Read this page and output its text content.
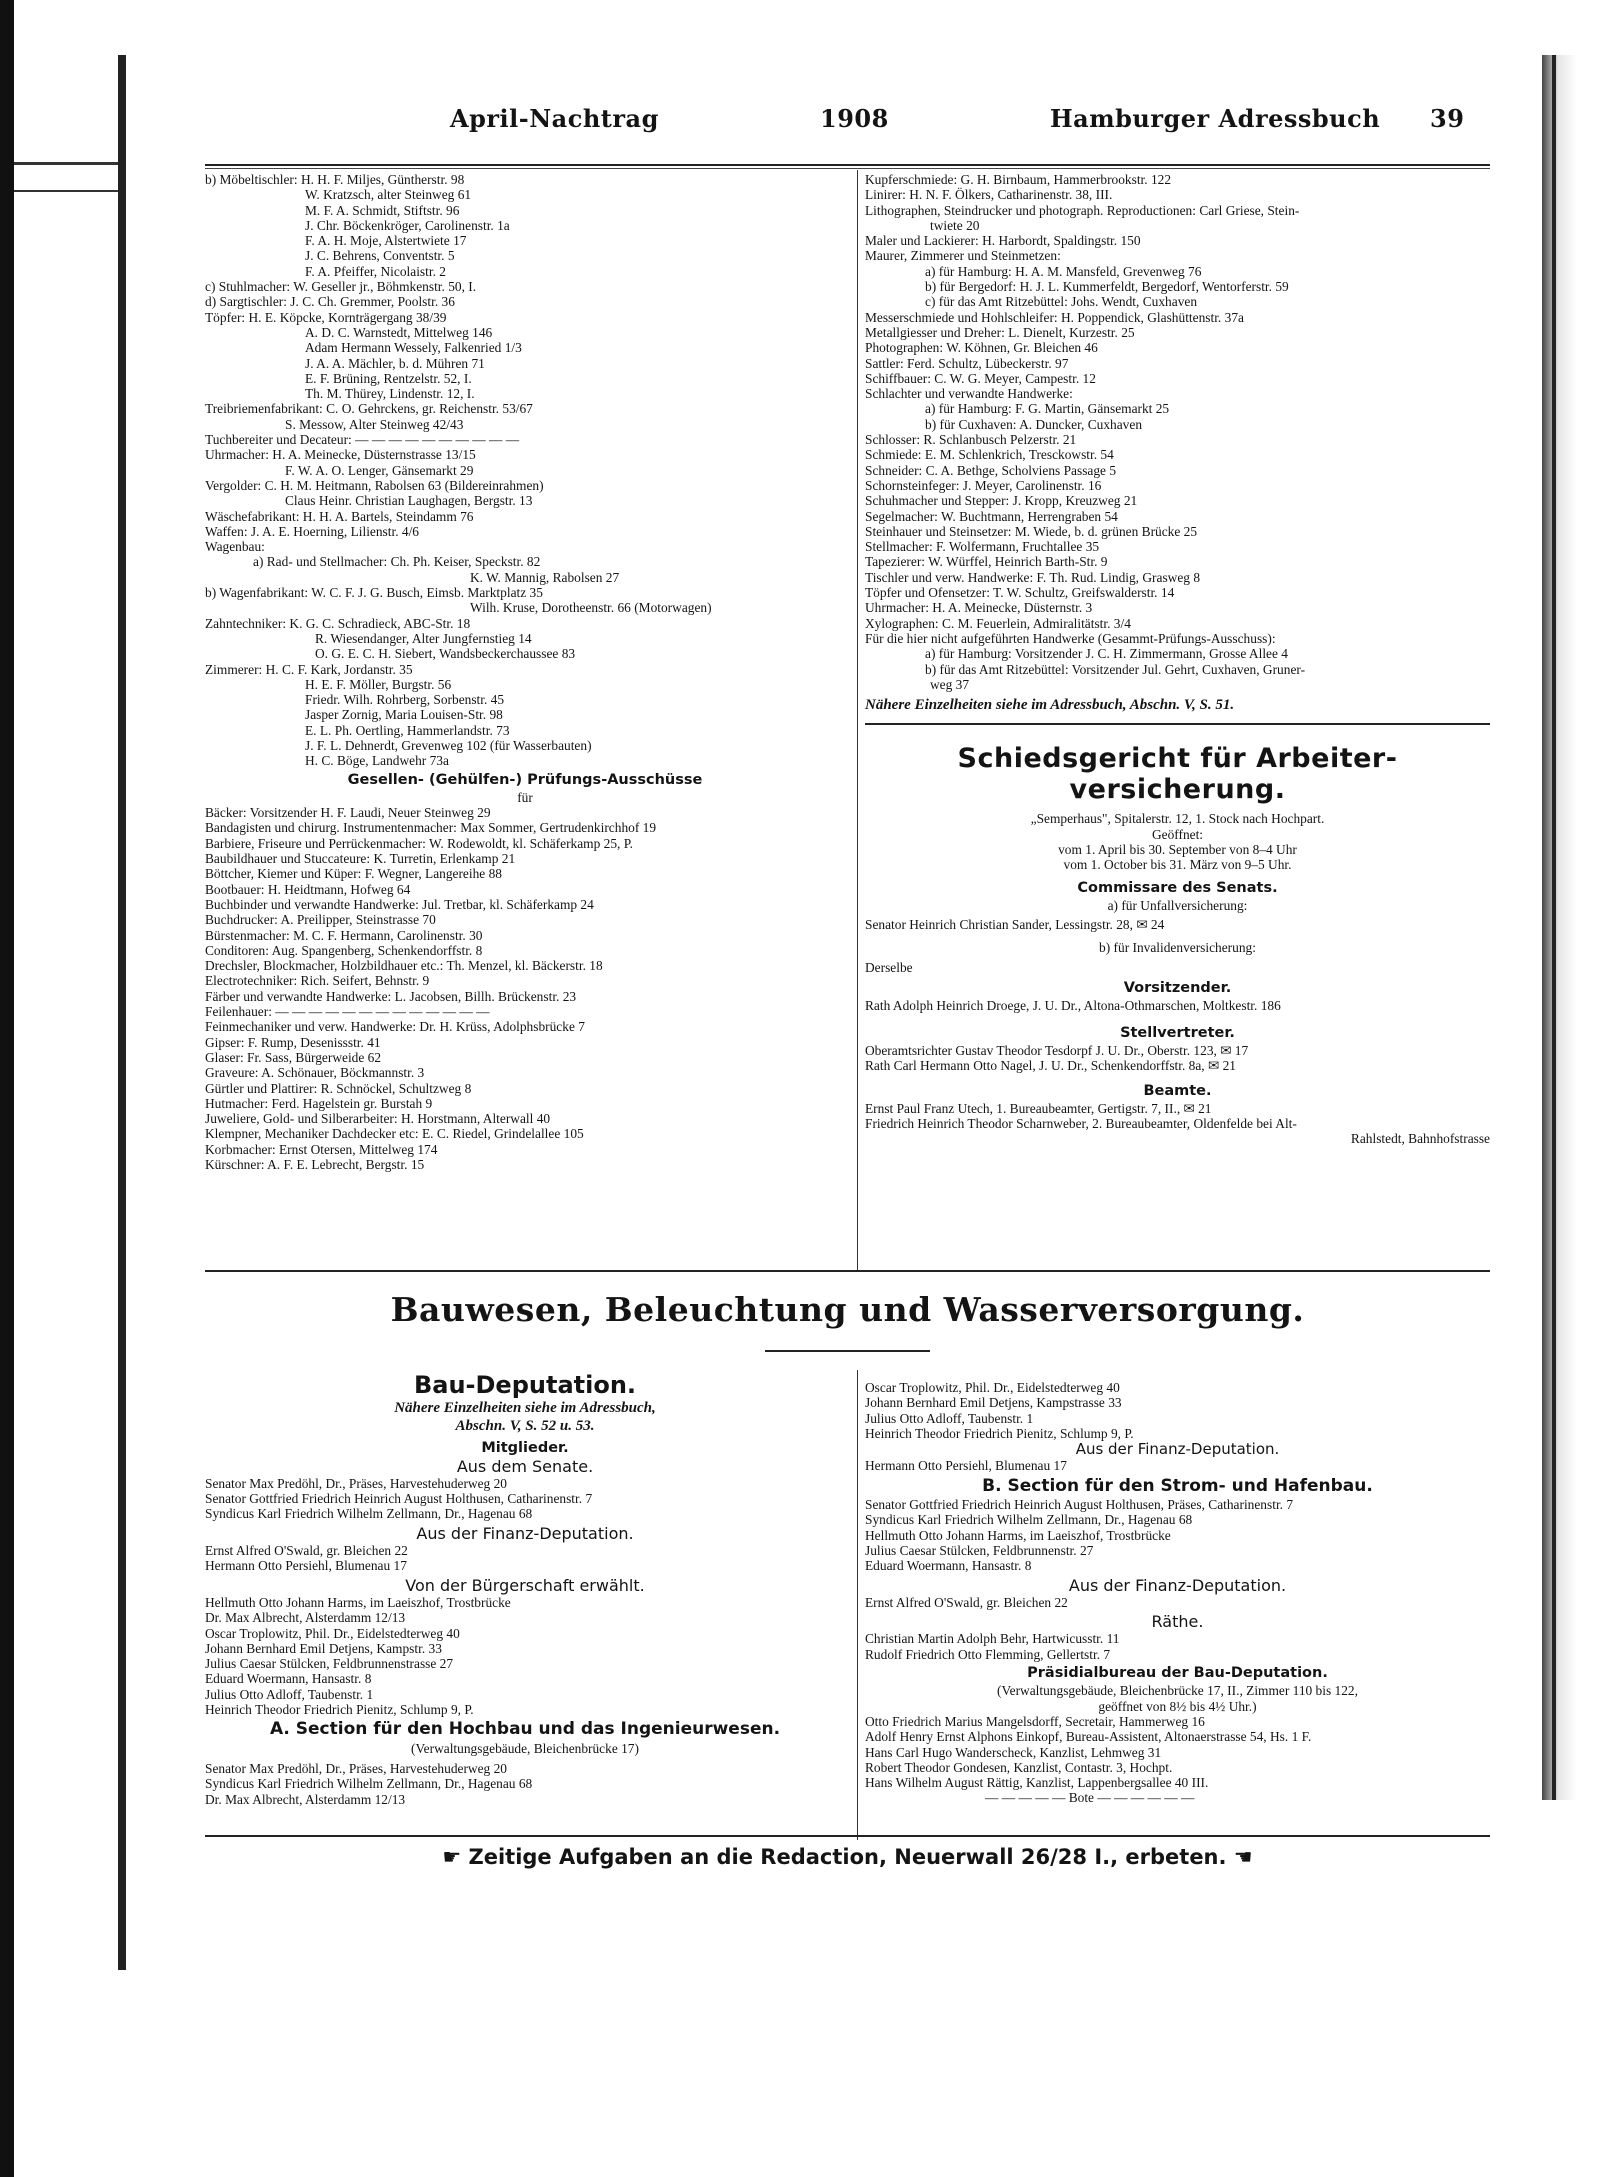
April-Nachtrag	1908	Hamburger Adressbuch 39
b) Möbeltischler: H. H. F. Miljes, Güntherstr. 98
W. Kratzsch, alter Steinweg 61
M. F. A. Schmidt, Stiftstr. 96
J. Chr. Böckenkröger, Carolinenstr. 1a
F. A. H. Moje, Alstertwiete 17
J. C. Behrens, Conventstr. 5
F. A. Pfeiffer, Nicolaistr. 2
c) Stuhlmacher: W. Geseller jr., Böhmkenstr. 50, I.
d) Sargtischler: J. C. Ch. Gremmer, Poolstr. 36
Töpfer: H. E. Köpcke, Kornträgergang 38/39
A. D. C. Warnstedt, Mittelweg 146
Adam Hermann Wessely, Falkenried 1/3
J. A. A. Mächler, b. d. Mühren 71
E. F. Brüning, Rentzelstr. 52, I.
Th. M. Thürey, Lindenstr. 12, I.
Treibriemenfabrikant: C. O. Gehrckens, gr. Reichenstr. 53/67
S. Messow, Alter Steinweg 42/43
Tuchbereiter und Decateur: — — — — — — — — — —
Uhrmacher: H. A. Meinecke, Düsternstrasse 13/15
F. W. A. O. Lenger, Gänsemarkt 29
Vergolder: C. H. M. Heitmann, Rabolsen 63 (Bildereinrahmen)
Claus Heinr. Christian Laughagen, Bergstr. 13
Wäschefabrikant: H. H. A. Bartels, Steindamm 76
Waffen: J. A. E. Hoerning, Lilienstr. 4/6
Wagenbau:
a) Rad- und Stellmacher: Ch. Ph. Keiser, Speckstr. 82
K. W. Mannig, Rabolsen 27
b) Wagenfabrikant: W. C. F. J. G. Busch, Eimsb. Marktplatz 35
Wilh. Kruse, Dorotheenstr. 66 (Motorwagen)
Zahntechniker: K. G. C. Schradieck, ABC-Str. 18
R. Wiesendanger, Alter Jungfernstieg 14
O. G. E. C. H. Siebert, Wandsbeckerchaussee 83
Zimmerer: H. C. F. Kark, Jordanstr. 35
H. E. F. Möller, Burgstr. 56
Friedr. Wilh. Rohrberg, Sorbenstr. 45
Jasper Zornig, Maria Louisen-Str. 98
E. L. Ph. Oertling, Hammerlandstr. 73
J. F. L. Dehnerdt, Grevenweg 102 (für Wasserbauten)
H. C. Böge, Landwehr 73a
Gesellen- (Gehülfen-) Prüfungs-Ausschüsse
für
Bäcker: Vorsitzender H. F. Laudi, Neuer Steinweg 29
Bandagisten und chirurg. Instrumentenmacher: Max Sommer, Gertrudenkirchhof 19
Barbiere, Friseure und Perrückenmacher: W. Rodewoldt, kl. Schäferkamp 25, P.
Baubildhauer und Stuccateure: K. Turretin, Erlenkamp 21
Böttcher, Kiemer und Küper: F. Wegner, Langereihe 88
Bootbauer: H. Heidtmann, Hofweg 64
Buchbinder und verwandte Handwerke: Jul. Tretbar, kl. Schäferkamp 24
Buchdrucker: A. Preilipper, Steinstrasse 70
Bürstenmacher: M. C. F. Hermann, Carolinenstr. 30
Conditoren: Aug. Spangenberg, Schenkendorffstr. 8
Drechsler, Blockmacher, Holzbildhauer etc.: Th. Menzel, kl. Bäckerstr. 18
Electrotechniker: Rich. Seifert, Behnstr. 9
Färber und verwandte Handwerke: L. Jacobsen, Billh. Brückenstr. 23
Feilenhauer: — — — — — — — — — — — — —
Feinmechaniker und verw. Handwerke: Dr. H. Krüss, Adolphsbrücke 7
Gipser: F. Rump, Desenissstr. 41
Glaser: Fr. Sass, Bürgerweide 62
Graveure: A. Schönauer, Böckmannstr. 3
Gürtler und Plattirer: R. Schnöckel, Schultzweg 8
Hutmacher: Ferd. Hagelstein gr. Burstah 9
Juweliere, Gold- und Silberarbeiter: H. Horstmann, Alterwall 40
Klempner, Mechaniker Dachdecker etc: E. C. Riedel, Grindelallee 105
Korbmacher: Ernst Otersen, Mittelweg 174
Kürschner: A. F. E. Lebrecht, Bergstr. 15
Kupferschmiede: G. H. Birnbaum, Hammerbrookstr. 122
Linirer: H. N. F. Ölkers, Catharinenstr. 38, III.
Lithographen, Steindrucker und photograph. Reproductionen: Carl Griese, Stein-
twiete 20
Maler und Lackierer: H. Harbordt, Spaldingstr. 150
Maurer, Zimmerer und Steinmetzen:
a) für Hamburg: H. A. M. Mansfeld, Grevenweg 76
b) für Bergedorf: H. J. L. Kummerfeldt, Bergedorf, Wentorferstr. 59
c) für das Amt Ritzebüttel: Johs. Wendt, Cuxhaven
Messerschmiede und Hohlschleifer: H. Poppendick, Glashüttenstr. 37a
Metallgiesser und Dreher: L. Dienelt, Kurzestr. 25
Photographen: W. Köhnen, Gr. Bleichen 46
Sattler: Ferd. Schultz, Lübeckerstr. 97
Schiffbauer: C. W. G. Meyer, Campestr. 12
Schlachter und verwandte Handwerke:
a) für Hamburg: F. G. Martin, Gänsemarkt 25
b) für Cuxhaven: A. Duncker, Cuxhaven
Schlosser: R. Schlanbusch Pelzerstr. 21
Schmiede: E. M. Schlenkrich, Tresckowstr. 54
Schneider: C. A. Bethge, Scholviens Passage 5
Schornsteinfeger: J. Meyer, Carolinenstr. 16
Schuhmacher und Stepper: J. Kropp, Kreuzweg 21
Segelmacher: W. Buchtmann, Herrengraben 54
Steinhauer und Steinsetzer: M. Wiede, b. d. grünen Brücke 25
Stellmacher: F. Wolfermann, Fruchtallee 35
Tapezierer: W. Würffel, Heinrich Barth-Str. 9
Tischler und verw. Handwerke: F. Th. Rud. Lindig, Grasweg 8
Töpfer und Ofensetzer: T. W. Schultz, Greifswalderstr. 14
Uhrmacher: H. A. Meinecke, Düsternstr. 3
Xylographen: C. M. Feuerlein, Admiralitätstr. 3/4
Für die hier nicht aufgeführten Handwerke (Gesammt-Prüfungs-Ausschuss):
a) für Hamburg: Vorsitzender J. C. H. Zimmermann, Grosse Allee 4
b) für das Amt Ritzebüttel: Vorsitzender Jul. Gehrt, Cuxhaven, Gruner-
weg 37
Nähere Einzelheiten siehe im Adressbuch, Abschn. V, S. 51.
Schiedsgericht für Arbeiter-
versicherung.
„Semperhaus", Spitalerstr. 12, 1. Stock nach Hochpart.
Geöffnet:
vom 1. April bis 30. September von 8–4 Uhr
vom 1. October bis 31. März von 9–5 Uhr.
Commissare des Senats.
a) für Unfallversicherung:
Senator Heinrich Christian Sander, Lessingstr. 28, ✉ 24
b) für Invalidenversicherung:
Derselbe
Vorsitzender.
Rath Adolph Heinrich Droege, J. U. Dr., Altona-Othmarschen, Moltkestr. 186
Stellvertreter.
Oberamtsrichter Gustav Theodor Tesdorpf J. U. Dr., Oberstr. 123, ✉ 17
Rath Carl Hermann Otto Nagel, J. U. Dr., Schenkendorffstr. 8a, ✉ 21
Beamte.
Ernst Paul Franz Utech, 1. Bureaubeamter, Gertigstr. 7, II., ✉ 21
Friedrich Heinrich Theodor Scharnweber, 2. Bureaubeamter, Oldenfelde bei Alt-
Rahlstedt, Bahnhofstrasse
Bauwesen, Beleuchtung und Wasserversorgung.
Bau-Deputation.
Nähere Einzelheiten siehe im Adressbuch,
Abschn. V, S. 52 u. 53.
Mitglieder.
Aus dem Senate.
Senator Max Predöhl, Dr., Präses, Harvestehuderweg 20
Senator Gottfried Friedrich Heinrich August Holthusen, Catharinenstr. 7
Syndicus Karl Friedrich Wilhelm Zellmann, Dr., Hagenau 68
Aus der Finanz-Deputation.
Ernst Alfred O'Swald, gr. Bleichen 22
Hermann Otto Persiehl, Blumenau 17
Von der Bürgerschaft erwählt.
Hellmuth Otto Johann Harms, im Laeiszhof, Trostbrücke
Dr. Max Albrecht, Alsterdamm 12/13
Oscar Troplowitz, Phil. Dr., Eidelstedterweg 40
Johann Bernhard Emil Detjens, Kampstr. 33
Julius Caesar Stülcken, Feldbrunnenstrasse 27
Eduard Woermann, Hansastr. 8
Julius Otto Adloff, Taubenstr. 1
Heinrich Theodor Friedrich Pienitz, Schlump 9, P.
A. Section für den Hochbau und das Ingenieurwesen.
(Verwaltungsgebäude, Bleichenbrücke 17)
Senator Max Predöhl, Dr., Präses, Harvestehuderweg 20
Syndicus Karl Friedrich Wilhelm Zellmann, Dr., Hagenau 68
Dr. Max Albrecht, Alsterdamm 12/13
Oscar Troplowitz, Phil. Dr., Eidelstedterweg 40
Johann Bernhard Emil Detjens, Kampstrasse 33
Julius Otto Adloff, Taubenstr. 1
Heinrich Theodor Friedrich Pienitz, Schlump 9, P.
Aus der Finanz-Deputation.
Hermann Otto Persiehl, Blumenau 17
B. Section für den Strom- und Hafenbau.
Senator Gottfried Friedrich Heinrich August Holthusen, Präses, Catharinenstr. 7
Syndicus Karl Friedrich Wilhelm Zellmann, Dr., Hagenau 68
Hellmuth Otto Johann Harms, im Laeiszhof, Trostbrücke
Julius Caesar Stülcken, Feldbrunnenstr. 27
Eduard Woermann, Hansastr. 8
Aus der Finanz-Deputation.
Ernst Alfred O'Swald, gr. Bleichen 22
Räthe.
Christian Martin Adolph Behr, Hartwicusstr. 11
Rudolf Friedrich Otto Flemming, Gellertstr. 7
Präsidialbureau der Bau-Deputation.
(Verwaltungsgebäude, Bleichenbrücke 17, II., Zimmer 110 bis 122,
geöffnet von 8½ bis 4½ Uhr.)
Otto Friedrich Marius Mangelsdorff, Secretair, Hammerweg 16
Adolf Henry Ernst Alphons Einkopf, Bureau-Assistent, Altonaerstrasse 54, Hs. 1 F.
Hans Carl Hugo Wanderscheck, Kanzlist, Lehmweg 31
Robert Theodor Gondesen, Kanzlist, Contastr. 3, Hochpt.
Hans Wilhelm August Rättig, Kanzlist, Lappenbergsallee 40 III.
— — — — — Bote — — — — — —
☛ Zeitige Aufgaben an die Redaction, Neuerwall 26/28 I., erbeten. ☚
